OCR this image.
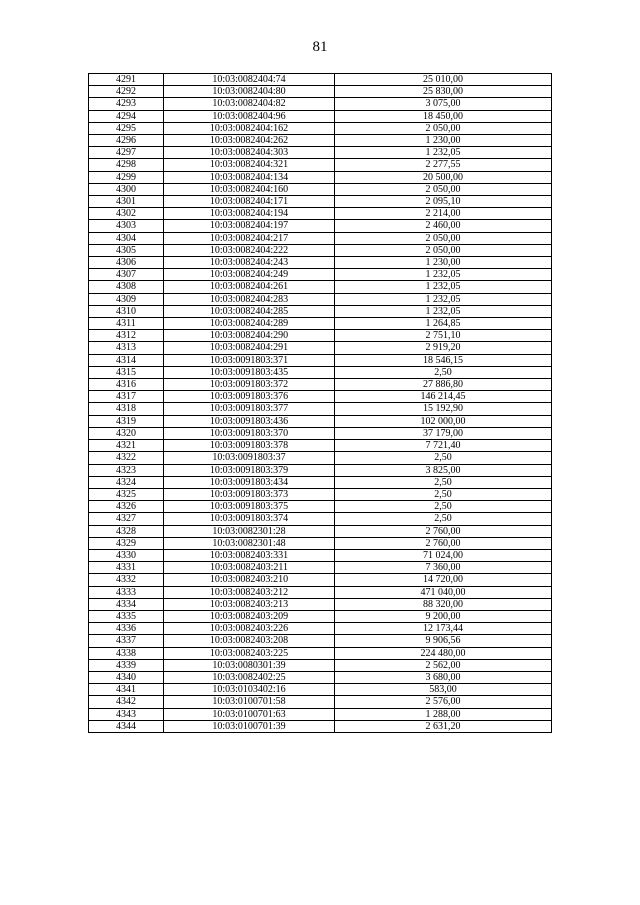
81
4291	10:03:0082404:74	25 010,00
4292	10:03:0082404:80	25 830,00
4293	10:03:0082404:82	3 075,00
4294	10:03:0082404:96	18 450,00
4295	10:03:0082404:162	2 050,00
4296	10:03:0082404:262	1 230,00
4297	10:03:0082404:303	1 232,05
4298	10:03:0082404:321	2 277,55
4299	10:03:0082404:134	20 500,00
4300	10:03:0082404:160	2 050,00
4301	10:03:0082404:171	2 095,10
4302	10:03:0082404:194	2 214,00
4303	10:03:0082404:197	2 460,00
4304	10:03:0082404:217	2 050,00
4305	10:03:0082404:222	2 050,00
4306	10:03:0082404:243	1 230,00
4307	10:03:0082404:249	1 232,05
4308	10:03:0082404:261	1 232,05
4309	10:03:0082404:283	1 232,05
4310	10:03:0082404:285	1 232,05
4311	10:03:0082404:289	1 264,85
4312	10:03:0082404:290	2 751,10
4313	10:03:0082404:291	2 919,20
4314	10:03:0091803:371	18 546,15
4315	10:03:0091803:435	2,50
4316	10:03:0091803:372	27 886,80
4317	10:03:0091803:376	146 214,45
4318	10:03:0091803:377	15 192,90
4319	10:03:0091803:436	102 000,00
4320	10:03:0091803:370	37 179,00
4321	10:03:0091803:378	7 721,40
4322	10:03:0091803:37	2,50
4323	10:03:0091803:379	3 825,00
4324	10:03:0091803:434	2,50
4325	10:03:0091803:373	2,50
4326	10:03:0091803:375	2,50
4327	10:03:0091803:374	2,50
4328	10:03:0082301:28	2 760,00
4329	10:03:0082301:48	2 760,00
4330	10:03:0082403:331	71 024,00
4331	10:03:0082403:211	7 360,00
4332	10:03:0082403:210	14 720,00
4333	10:03:0082403:212	471 040,00
4334	10:03:0082403:213	88 320,00
4335	10:03:0082403:209	9 200,00
4336	10:03:0082403:226	12 173,44
4337	10:03:0082403:208	9 906,56
4338	10:03:0082403:225	224 480,00
4339	10:03:0080301:39	2 562,00
4340	10:03:0082402:25	3 680,00
4341	10:03:0103402:16	583,00
4342	10:03:0100701:58	2 576,00
4343	10:03:0100701:63	1 288,00
4344	10:03:0100701:39	2 631,20
